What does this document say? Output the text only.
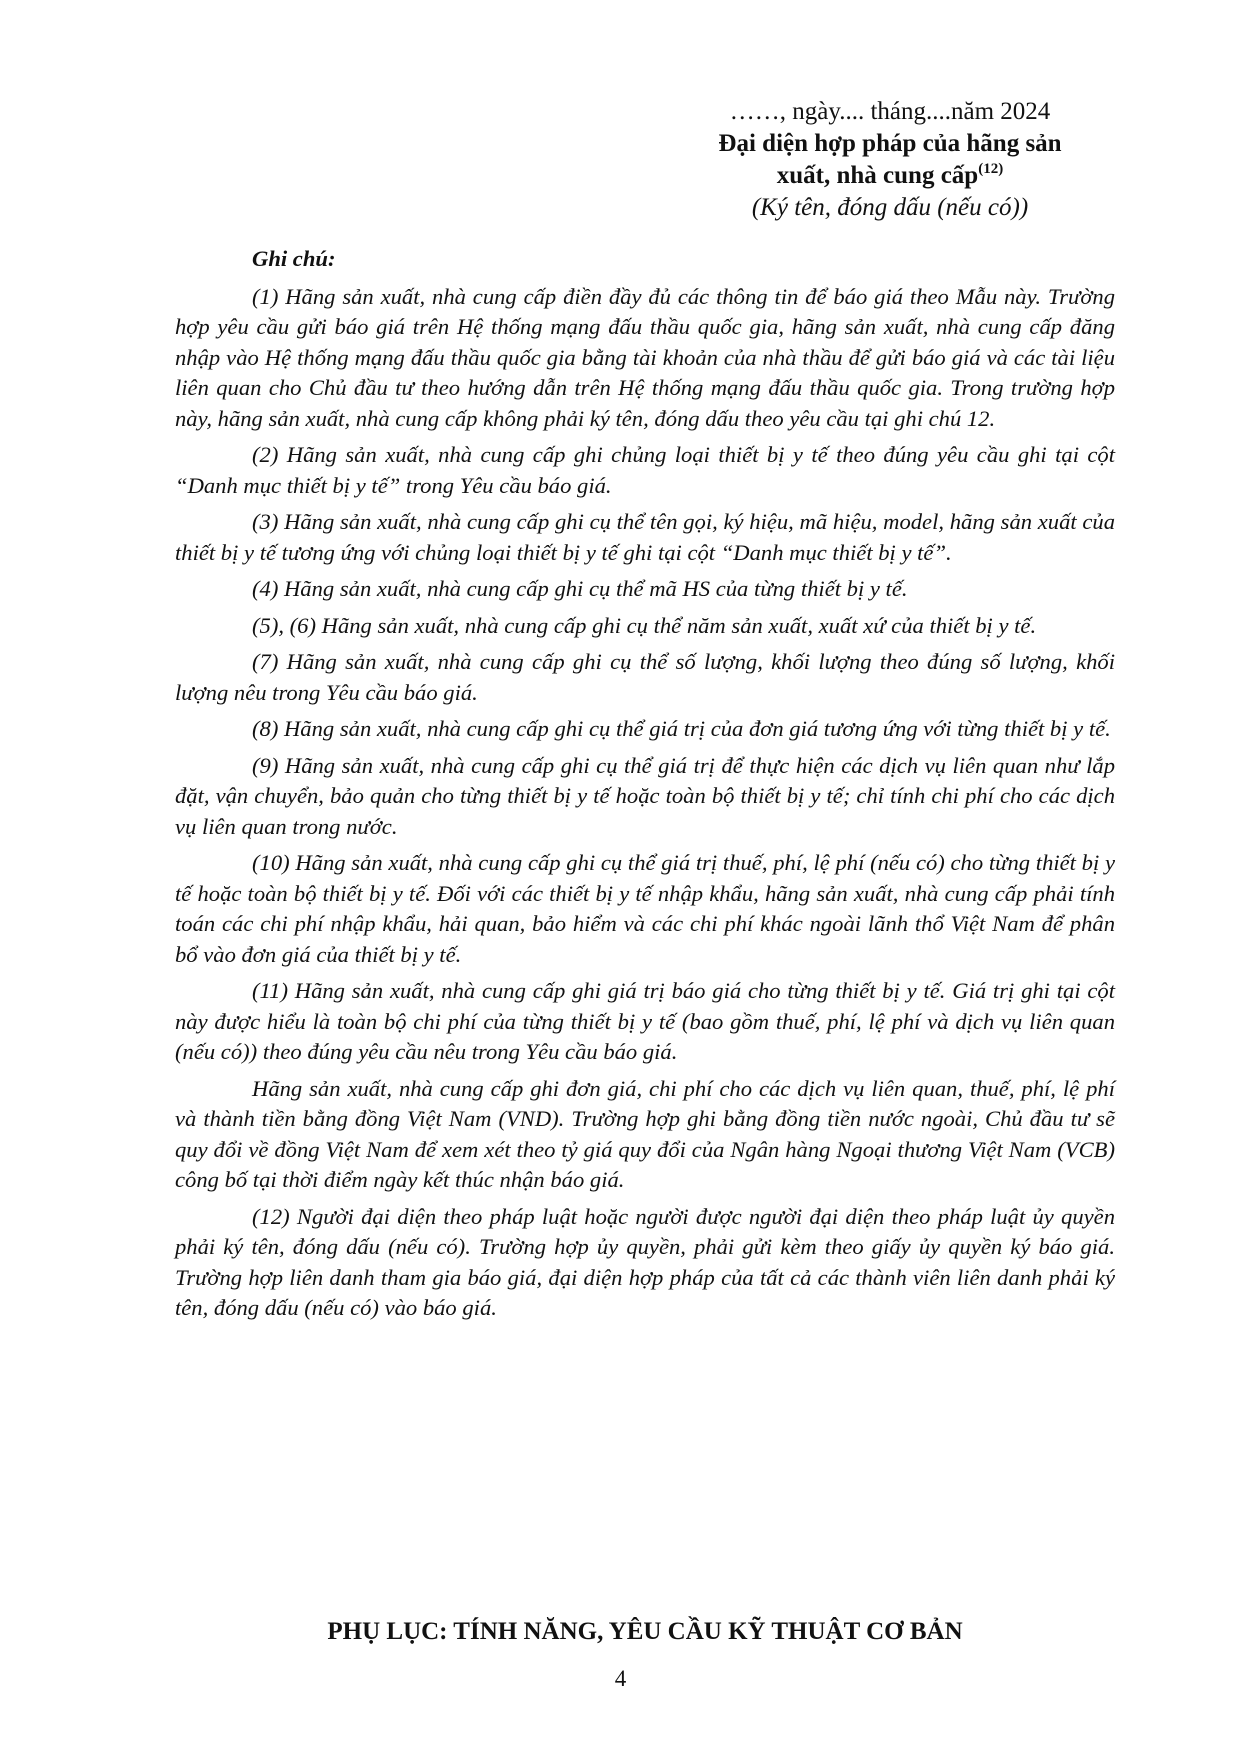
……, ngày.... tháng....năm 2024
Đại diện hợp pháp của hãng sản
xuất, nhà cung cấp$^{(12)}$
(Ký tên, đóng dấu (nếu có))
Ghi chú:

(1) Hãng sản xuất, nhà cung cấp điền đầy đủ các thông tin để báo giá theo Mẫu này. Trường hợp yêu cầu gửi báo giá trên Hệ thống mạng đấu thầu quốc gia, hãng sản xuất, nhà cung cấp đăng nhập vào Hệ thống mạng đấu thầu quốc gia bằng tài khoản của nhà thầu để gửi báo giá và các tài liệu liên quan cho Chủ đầu tư theo hướng dẫn trên Hệ thống mạng đấu thầu quốc gia. Trong trường hợp này, hãng sản xuất, nhà cung cấp không phải ký tên, đóng dấu theo yêu cầu tại ghi chú 12.

(2) Hãng sản xuất, nhà cung cấp ghi chủng loại thiết bị y tế theo đúng yêu cầu ghi tại cột “Danh mục thiết bị y tế” trong Yêu cầu báo giá.

(3) Hãng sản xuất, nhà cung cấp ghi cụ thể tên gọi, ký hiệu, mã hiệu, model, hãng sản xuất của thiết bị y tế tương ứng với chủng loại thiết bị y tế ghi tại cột “Danh mục thiết bị y tế”.

(4) Hãng sản xuất, nhà cung cấp ghi cụ thể mã HS của từng thiết bị y tế.

(5), (6) Hãng sản xuất, nhà cung cấp ghi cụ thể năm sản xuất, xuất xứ của thiết bị y tế.

(7) Hãng sản xuất, nhà cung cấp ghi cụ thể số lượng, khối lượng theo đúng số lượng, khối lượng nêu trong Yêu cầu báo giá.

(8) Hãng sản xuất, nhà cung cấp ghi cụ thể giá trị của đơn giá tương ứng với từng thiết bị y tế.

(9) Hãng sản xuất, nhà cung cấp ghi cụ thể giá trị để thực hiện các dịch vụ liên quan như lắp đặt, vận chuyển, bảo quản cho từng thiết bị y tế hoặc toàn bộ thiết bị y tế; chỉ tính chi phí cho các dịch vụ liên quan trong nước.

(10) Hãng sản xuất, nhà cung cấp ghi cụ thể giá trị thuế, phí, lệ phí (nếu có) cho từng thiết bị y tế hoặc toàn bộ thiết bị y tế. Đối với các thiết bị y tế nhập khẩu, hãng sản xuất, nhà cung cấp phải tính toán các chi phí nhập khẩu, hải quan, bảo hiểm và các chi phí khác ngoài lãnh thổ Việt Nam để phân bổ vào đơn giá của thiết bị y tế.

(11) Hãng sản xuất, nhà cung cấp ghi giá trị báo giá cho từng thiết bị y tế. Giá trị ghi tại cột này được hiểu là toàn bộ chi phí của từng thiết bị y tế (bao gồm thuế, phí, lệ phí và dịch vụ liên quan (nếu có)) theo đúng yêu cầu nêu trong Yêu cầu báo giá.

Hãng sản xuất, nhà cung cấp ghi đơn giá, chi phí cho các dịch vụ liên quan, thuế, phí, lệ phí và thành tiền bằng đồng Việt Nam (VND). Trường hợp ghi bằng đồng tiền nước ngoài, Chủ đầu tư sẽ quy đổi về đồng Việt Nam để xem xét theo tỷ giá quy đổi của Ngân hàng Ngoại thương Việt Nam (VCB) công bố tại thời điểm ngày kết thúc nhận báo giá.

(12) Người đại diện theo pháp luật hoặc người được người đại diện theo pháp luật ủy quyền phải ký tên, đóng dấu (nếu có). Trường hợp ủy quyền, phải gửi kèm theo giấy ủy quyền ký báo giá. Trường hợp liên danh tham gia báo giá, đại diện hợp pháp của tất cả các thành viên liên danh phải ký tên, đóng dấu (nếu có) vào báo giá.

PHỤ LỤC: TÍNH NĂNG, YÊU CẦU KỸ THUẬT CƠ BẢN
4
